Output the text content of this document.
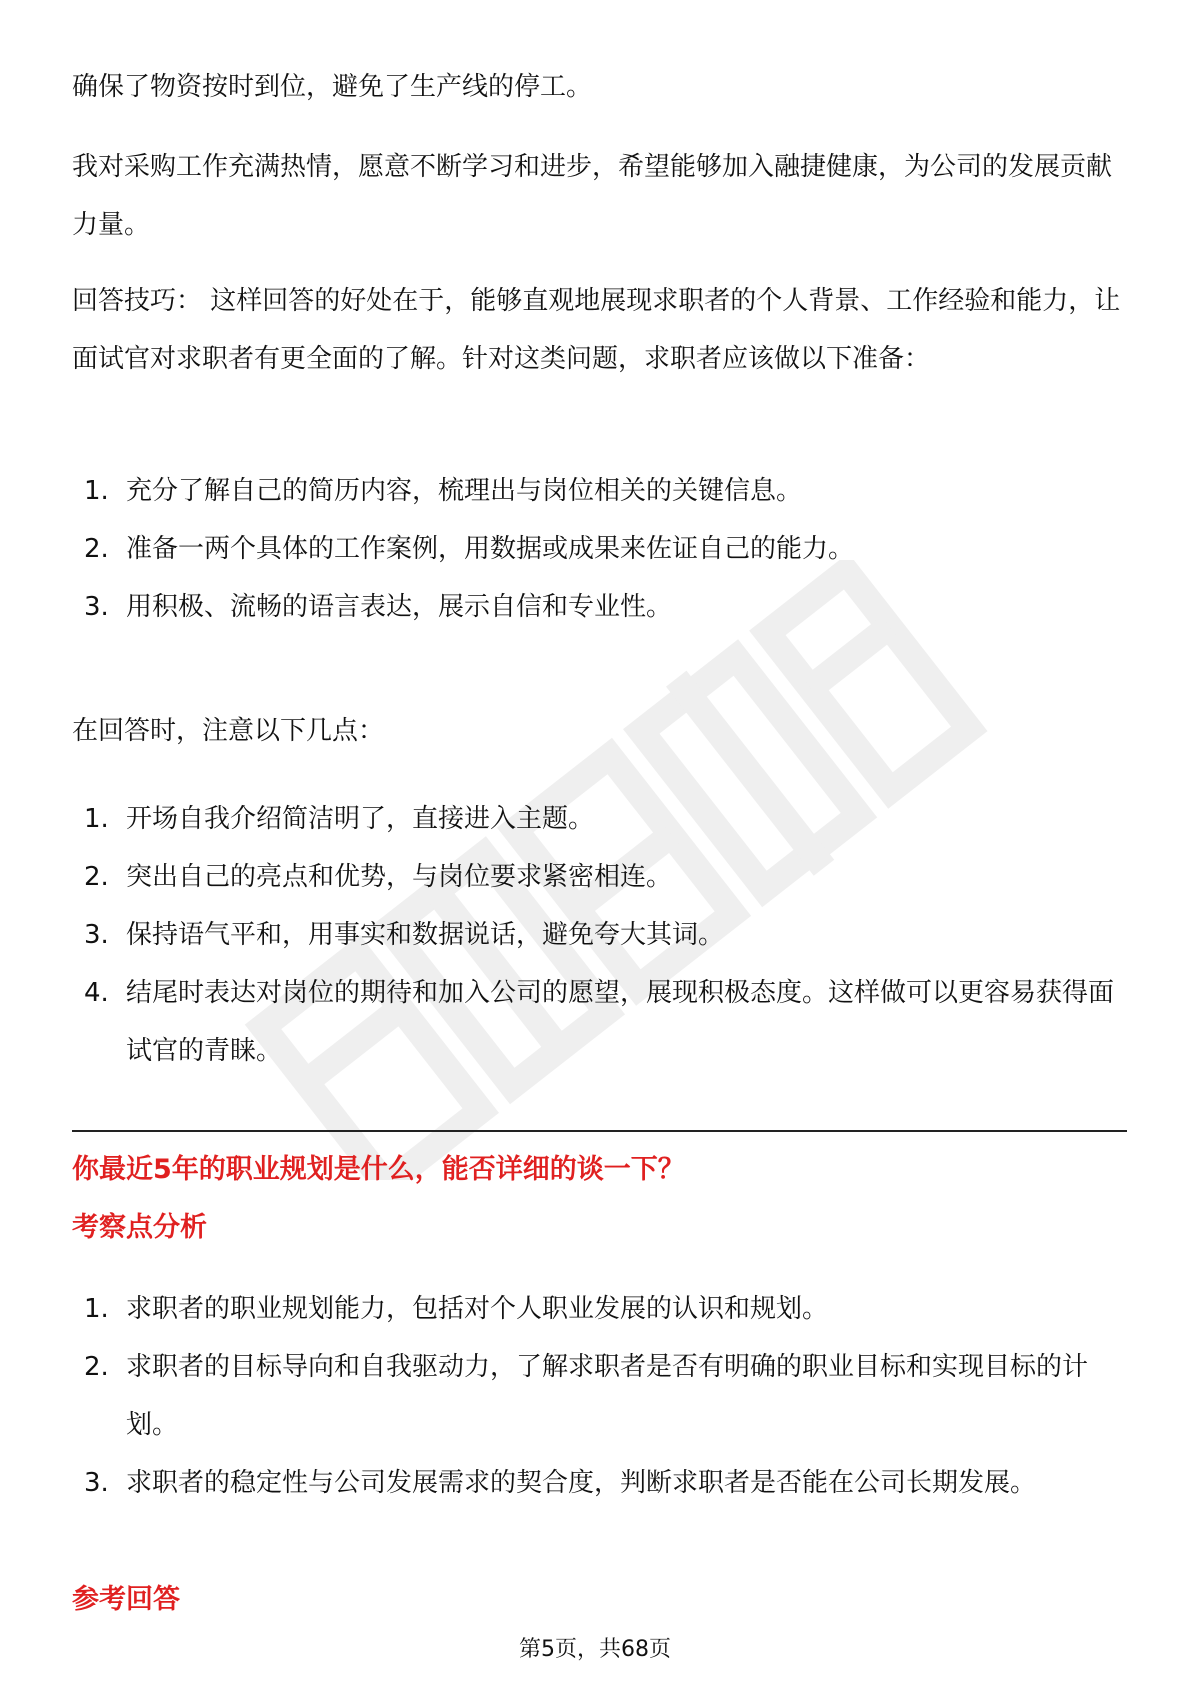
确保了物资按时到位，避免了生产线的停工。

我对采购工作充满热情，愿意不断学习和进步，希望能够加入融捷健康，为公司的发展贡献力量。

回答技巧： 这样回答的好处在于，能够直观地展现求职者的个人背景、工作经验和能力，让面试官对求职者有更全面的了解。针对这类问题，求职者应该做以下准备：

1. 充分了解自己的简历内容，梳理出与岗位相关的关键信息。
2. 准备一两个具体的工作案例，用数据或成果来佐证自己的能力。
3. 用积极、流畅的语言表达，展示自信和专业性。

在回答时，注意以下几点：

1. 开场自我介绍简洁明了，直接进入主题。
2. 突出自己的亮点和优势，与岗位要求紧密相连。
3. 保持语气平和，用事实和数据说话，避免夸大其词。
4. 结尾时表达对岗位的期待和加入公司的愿望，展现积极态度。这样做可以更容易获得面试官的青睐。
你最近5年的职业规划是什么，能否详细的谈一下？
考察点分析
1. 求职者的职业规划能力，包括对个人职业发展的认识和规划。
2. 求职者的目标导向和自我驱动力，了解求职者是否有明确的职业目标和实现目标的计划。
3. 求职者的稳定性与公司发展需求的契合度，判断求职者是否能在公司长期发展。
参考回答
第5页，共68页
